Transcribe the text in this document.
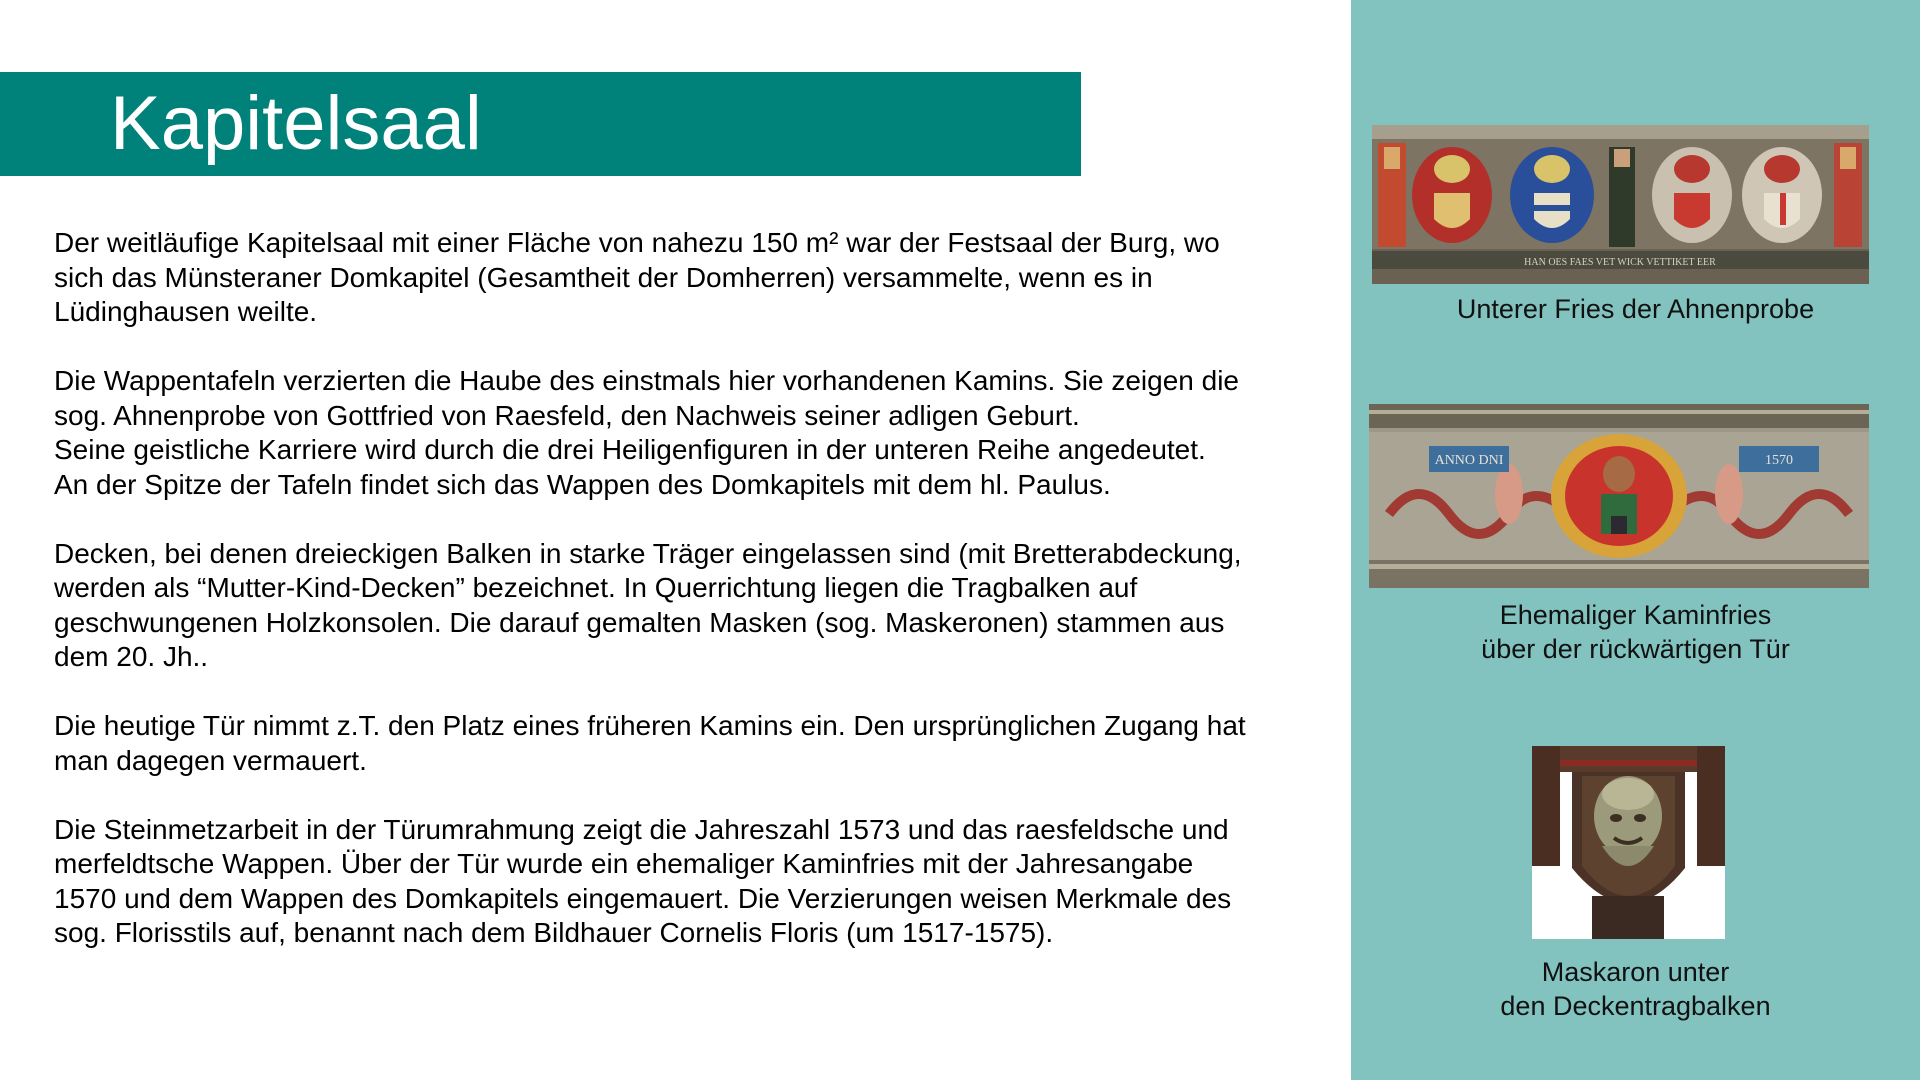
Kapitelsaal

Der weitläufige Kapitelsaal mit einer Fläche von nahezu 150 m² war der Festsaal der Burg, wo
sich das Münsteraner Domkapitel (Gesamtheit der Domherren) versammelte, wenn es in
Lüdinghausen weilte.

Die Wappentafeln verzierten die Haube des einstmals hier vorhandenen Kamins. Sie zeigen die
sog. Ahnenprobe von Gottfried von Raesfeld, den Nachweis seiner adligen Geburt.
Seine geistliche Karriere wird durch die drei Heiligenfiguren in der unteren Reihe angedeutet.
An der Spitze der Tafeln findet sich das Wappen des Domkapitels mit dem hl. Paulus.

Decken, bei denen dreieckigen Balken in starke Träger eingelassen sind (mit Bretterabdeckung,
werden als “Mutter-Kind-Decken” bezeichnet. In Querrichtung liegen die Tragbalken auf
geschwungenen Holzkonsolen. Die darauf gemalten Masken (sog. Maskeronen) stammen aus
dem 20. Jh..

Die heutige Tür nimmt z.T. den Platz eines früheren Kamins ein. Den ursprünglichen Zugang hat
man dagegen vermauert.

Die Steinmetzarbeit in der Türumrahmung zeigt die Jahreszahl 1573 und das raesfeldsche und
merfeldtsche Wappen. Über der Tür wurde ein ehemaliger Kaminfries mit der Jahresangabe
1570 und dem Wappen des Domkapitels eingemauert. Die Verzierungen weisen Merkmale des
sog. Florisstils auf, benannt nach dem Bildhauer Cornelis Floris (um 1517-1575).

HAN OES FAES VET WICK VETTIKET EER
Unterer Fries der Ahnenprobe
ANNO DNI	1570
Ehemaliger Kaminfries
über der rückwärtigen Tür
Maskaron unter
den Deckentragbalken
